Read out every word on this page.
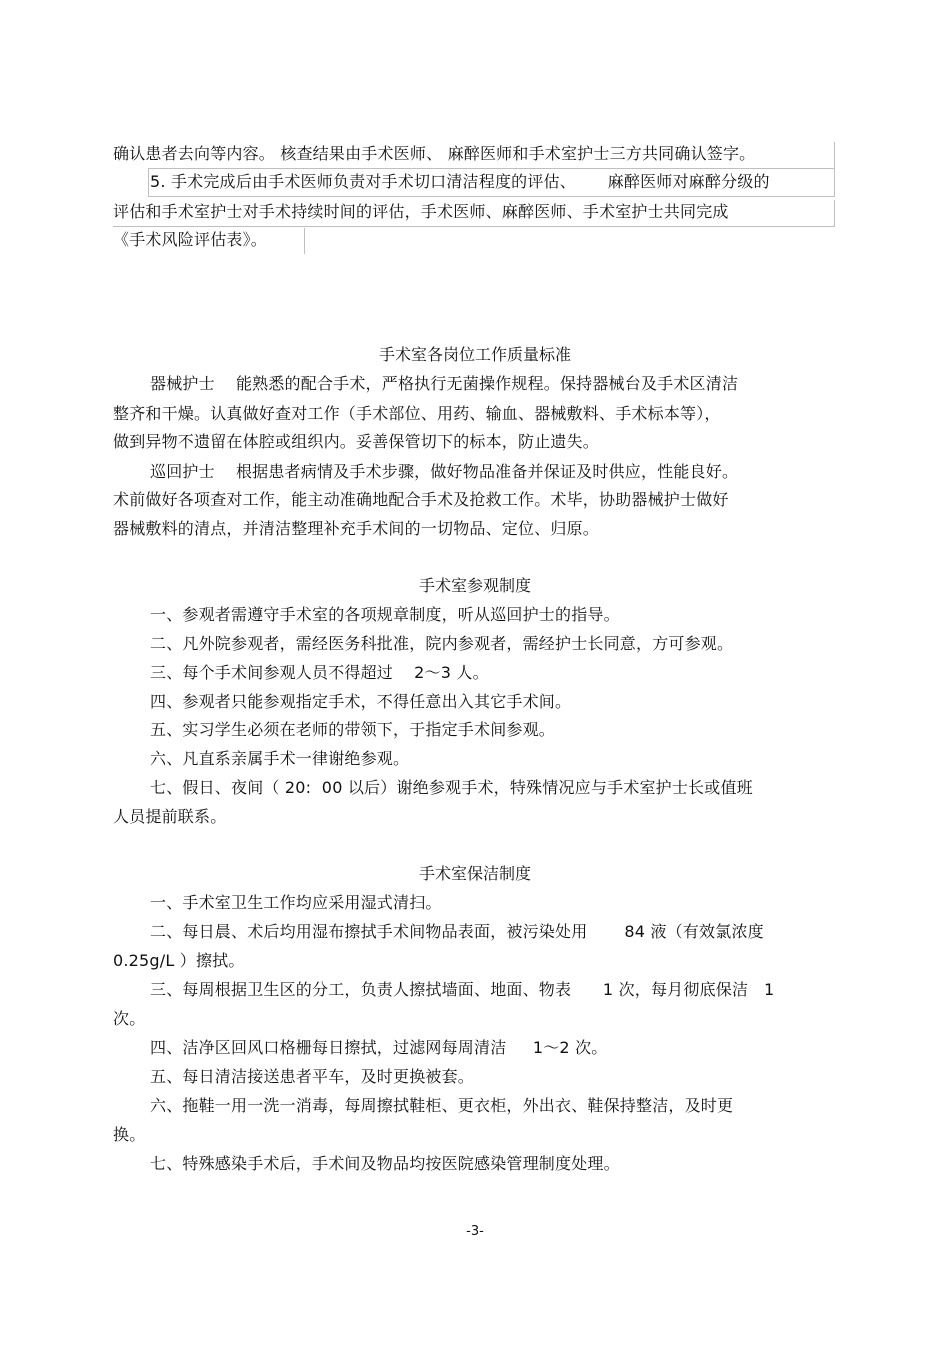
确认患者去向等内容。 核查结果由手术医师、 麻醉医师和手术室护士三方共同确认签字。
5. 手术完成后由手术医师负责对手术切口清洁程度的评估、      麻醉医师对麻醉分级的
评估和手术室护士对手术持续时间的评估，手术医师、麻醉医师、手术室护士共同完成
《手术风险评估表》。
手术室各岗位工作质量标准
器械护士    能熟悉的配合手术，严格执行无菌操作规程。保持器械台及手术区清洁
整齐和干燥。认真做好查对工作（手术部位、用药、输血、器械敷料、手术标本等），
做到异物不遗留在体腔或组织内。妥善保管切下的标本，防止遗失。
巡回护士    根据患者病情及手术步骤，做好物品准备并保证及时供应，性能良好。
术前做好各项查对工作，能主动准确地配合手术及抢救工作。术毕，协助器械护士做好
器械敷料的清点，并清洁整理补充手术间的一切物品、定位、归原。
手术室参观制度
一、参观者需遵守手术室的各项规章制度，听从巡回护士的指导。
二、凡外院参观者，需经医务科批准，院内参观者，需经护士长同意，方可参观。
三、每个手术间参观人员不得超过    2～3 人。
四、参观者只能参观指定手术，不得任意出入其它手术间。
五、实习学生必须在老师的带领下，于指定手术间参观。
六、凡直系亲属手术一律谢绝参观。
七、假日、夜间（ 20:  00 以后）谢绝参观手术，特殊情况应与手术室护士长或值班
人员提前联系。
手术室保洁制度
一、手术室卫生工作均应采用湿式清扫。
二、每日晨、术后均用湿布擦拭手术间物品表面，被污染处用       84 液（有效氯浓度
0.25g/L ）擦拭。
三、每周根据卫生区的分工，负责人擦拭墙面、地面、物表      1 次，每月彻底保洁   1
次。
四、洁净区回风口格栅每日擦拭，过滤网每周清洁     1～2 次。
五、每日清洁接送患者平车，及时更换被套。
六、拖鞋一用一洗一消毒，每周擦拭鞋柜、更衣柜，外出衣、鞋保持整洁，及时更
换。
七、特殊感染手术后，手术间及物品均按医院感染管理制度处理。
-3-
